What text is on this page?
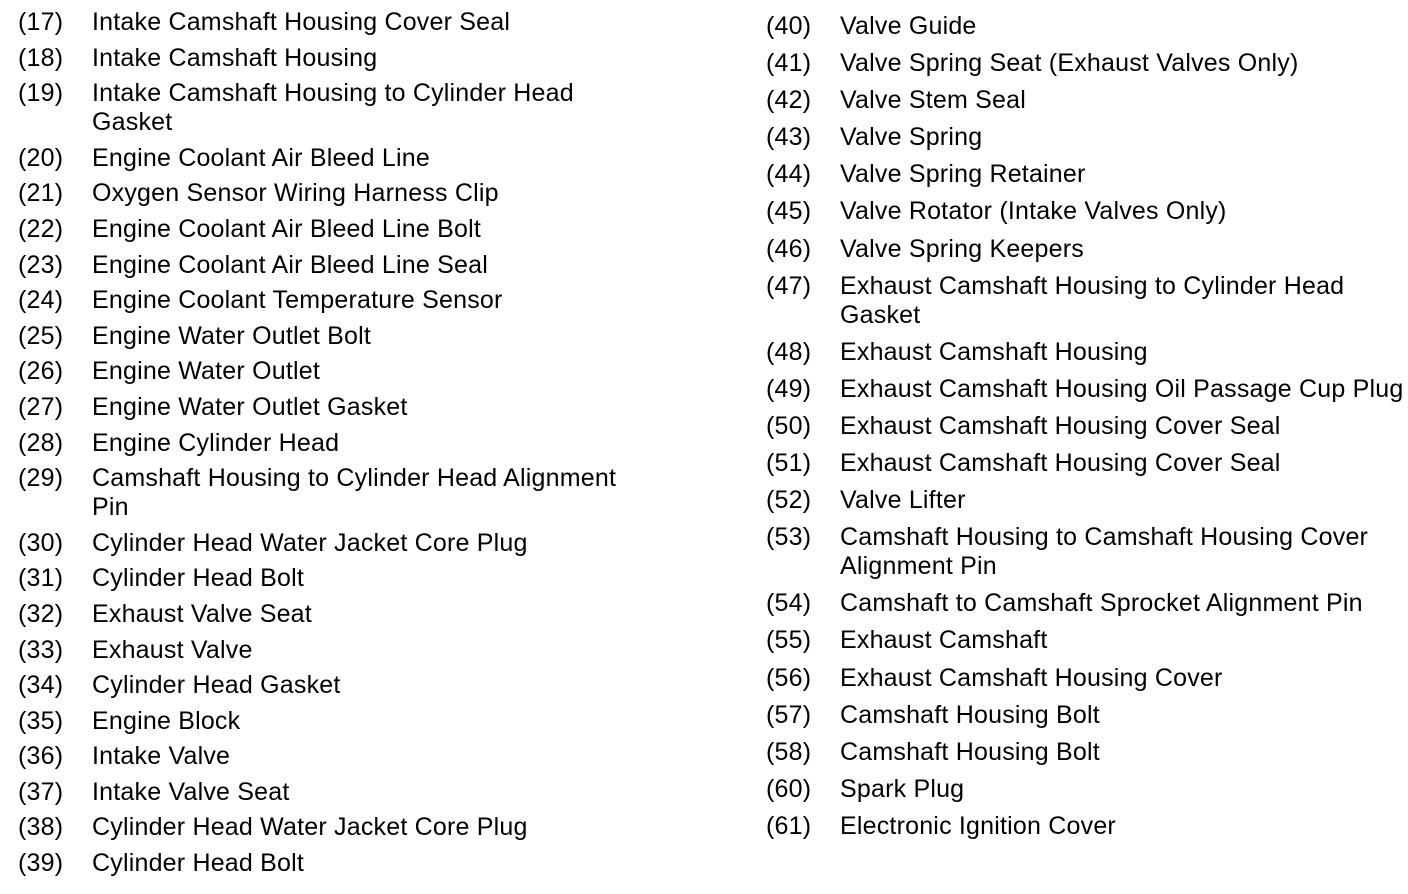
(17)	Intake Camshaft Housing Cover Seal
(18)	Intake Camshaft Housing
(19)	Intake Camshaft Housing to Cylinder Head Gasket
(20)	Engine Coolant Air Bleed Line
(21)	Oxygen Sensor Wiring Harness Clip
(22)	Engine Coolant Air Bleed Line Bolt
(23)	Engine Coolant Air Bleed Line Seal
(24)	Engine Coolant Temperature Sensor
(25)	Engine Water Outlet Bolt
(26)	Engine Water Outlet
(27)	Engine Water Outlet Gasket
(28)	Engine Cylinder Head
(29)	Camshaft Housing to Cylinder Head Alignment Pin
(30)	Cylinder Head Water Jacket Core Plug
(31)	Cylinder Head Bolt
(32)	Exhaust Valve Seat
(33)	Exhaust Valve
(34)	Cylinder Head Gasket
(35)	Engine Block
(36)	Intake Valve
(37)	Intake Valve Seat
(38)	Cylinder Head Water Jacket Core Plug
(39)	Cylinder Head Bolt
(40)	Valve Guide
(41)	Valve Spring Seat (Exhaust Valves Only)
(42)	Valve Stem Seal
(43)	Valve Spring
(44)	Valve Spring Retainer
(45)	Valve Rotator (Intake Valves Only)
(46)	Valve Spring Keepers
(47)	Exhaust Camshaft Housing to Cylinder Head Gasket
(48)	Exhaust Camshaft Housing
(49)	Exhaust Camshaft Housing Oil Passage Cup Plug
(50)	Exhaust Camshaft Housing Cover Seal
(51)	Exhaust Camshaft Housing Cover Seal
(52)	Valve Lifter
(53)	Camshaft Housing to Camshaft Housing Cover Alignment Pin
(54)	Camshaft to Camshaft Sprocket Alignment Pin
(55)	Exhaust Camshaft
(56)	Exhaust Camshaft Housing Cover
(57)	Camshaft Housing Bolt
(58)	Camshaft Housing Bolt
(60)	Spark Plug
(61)	Electronic Ignition Cover
